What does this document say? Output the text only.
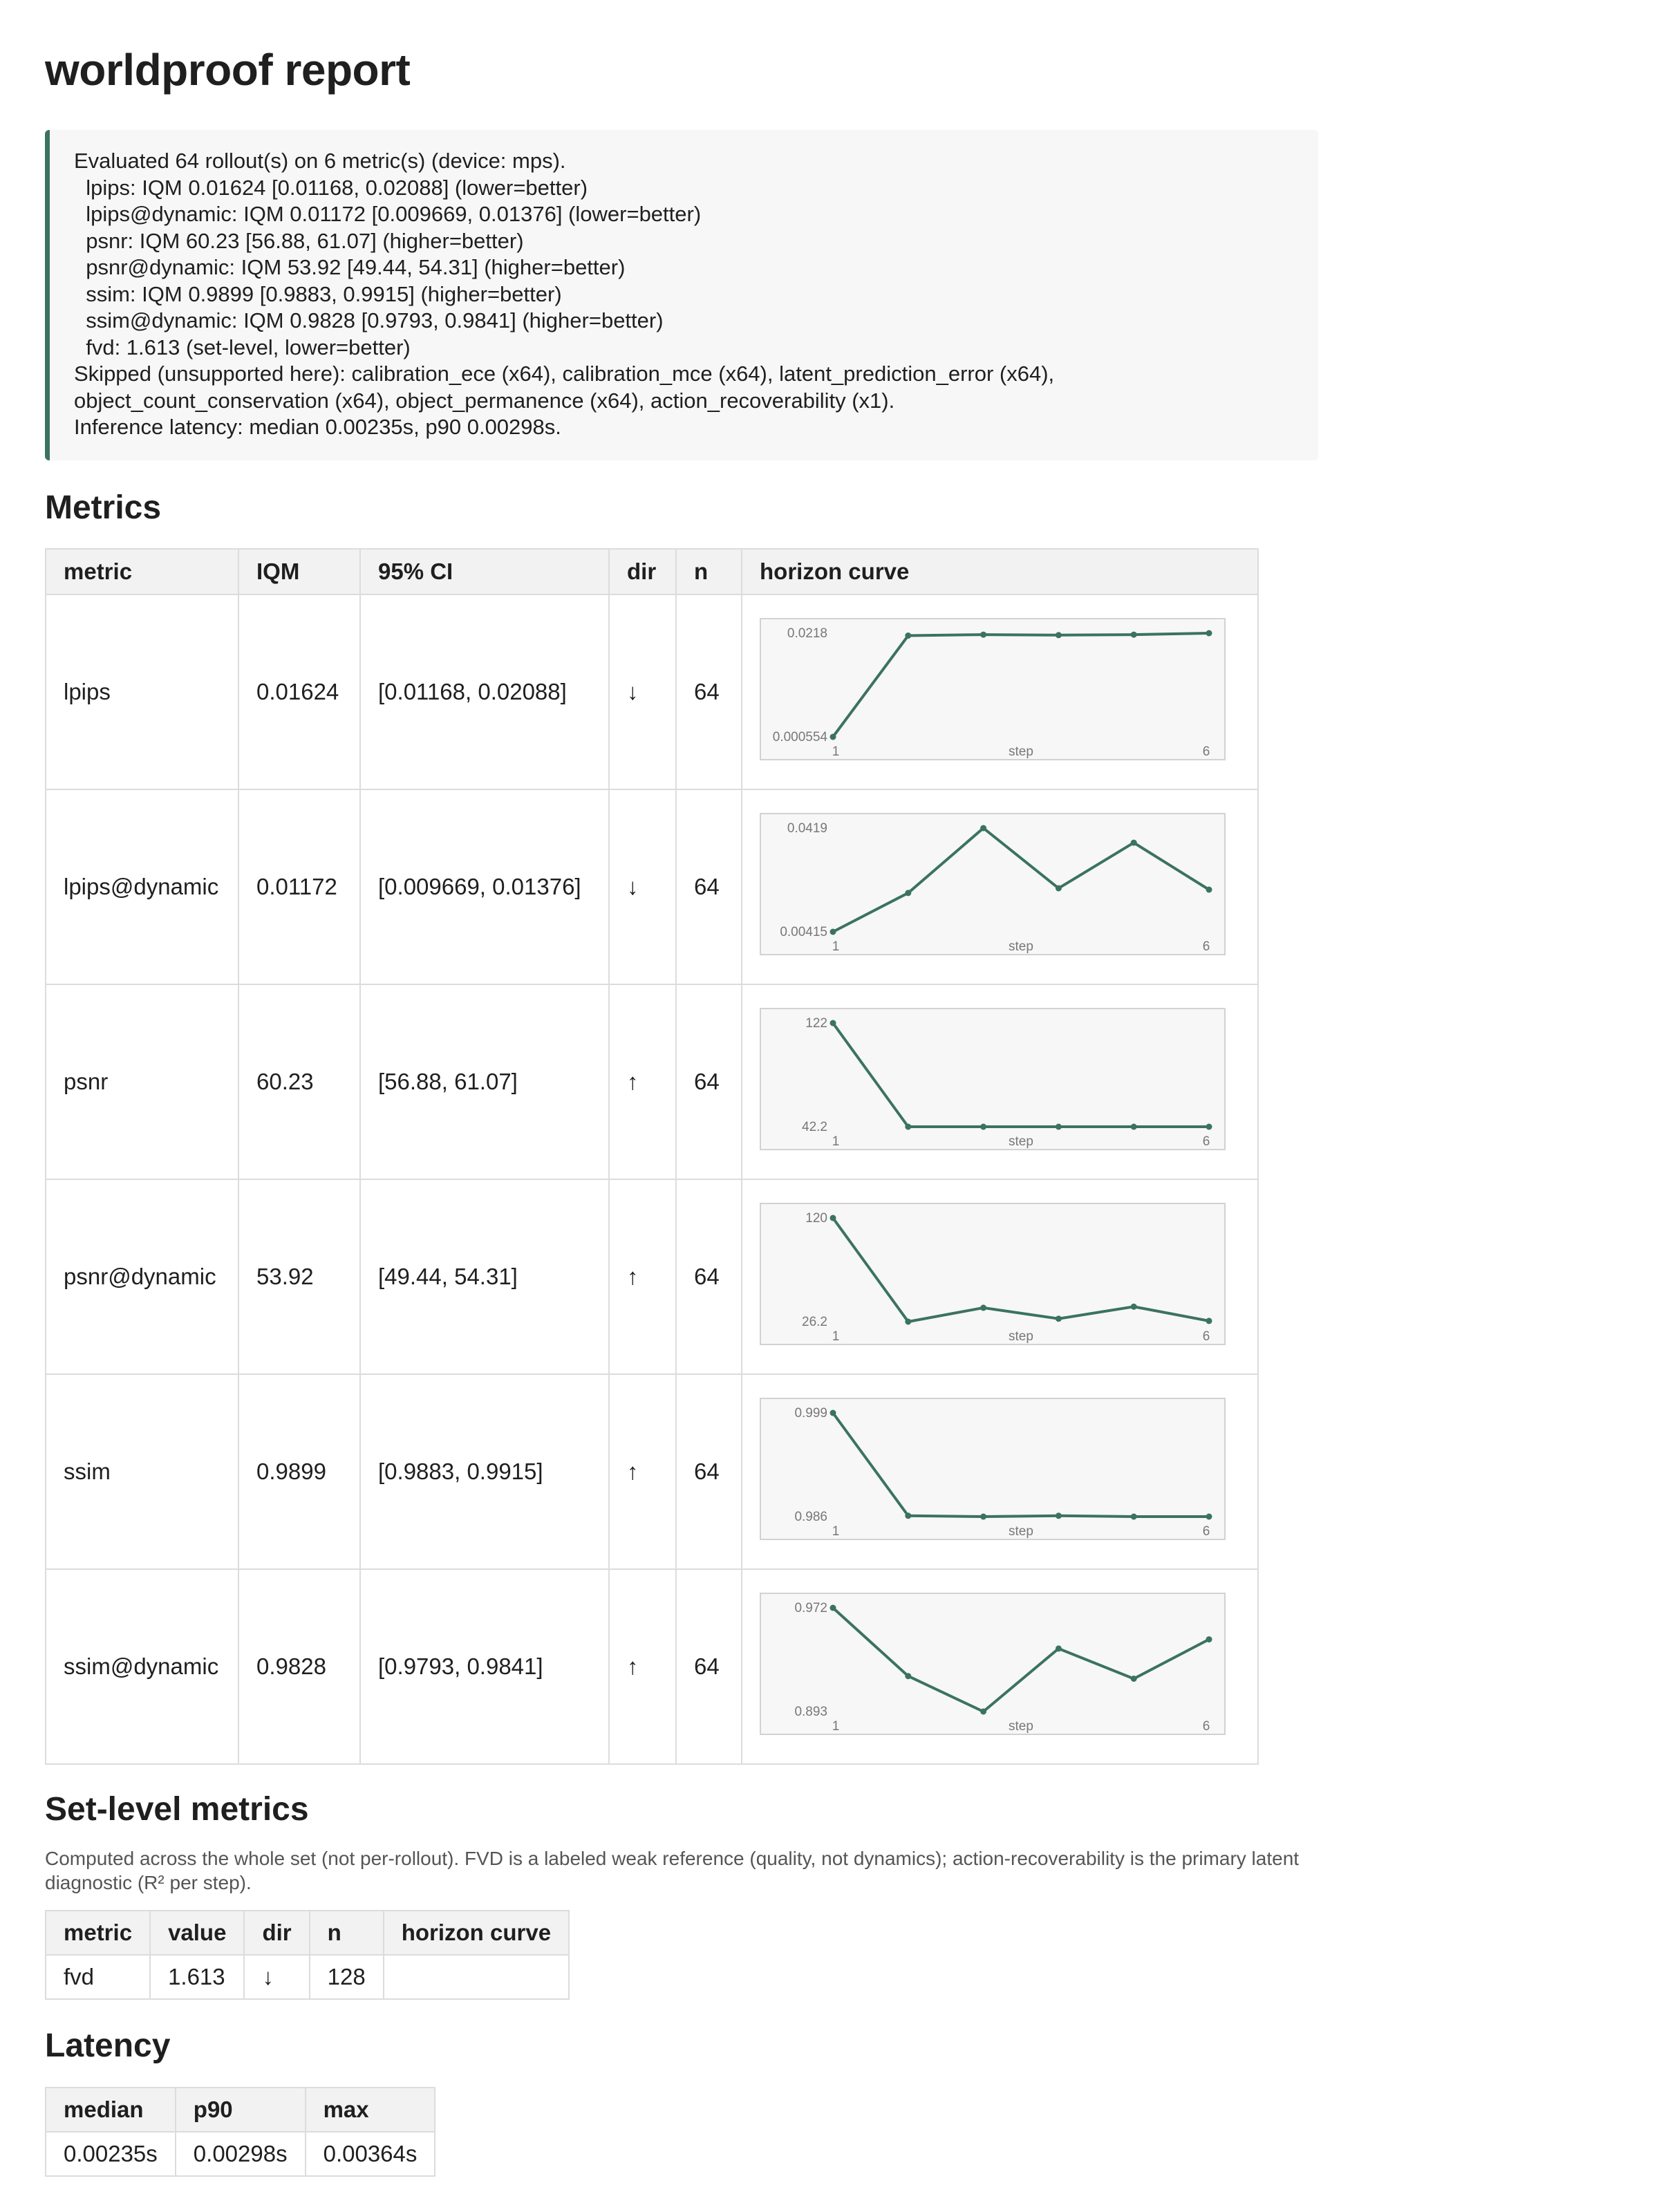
worldproof report
Evaluated 64 rollout(s) on 6 metric(s) (device: mps).
lpips: IQM 0.01624 [0.01168, 0.02088] (lower=better)
lpips@dynamic: IQM 0.01172 [0.009669, 0.01376] (lower=better)
psnr: IQM 60.23 [56.88, 61.07] (higher=better)
psnr@dynamic: IQM 53.92 [49.44, 54.31] (higher=better)
ssim: IQM 0.9899 [0.9883, 0.9915] (higher=better)
ssim@dynamic: IQM 0.9828 [0.9793, 0.9841] (higher=better)
fvd: 1.613 (set-level, lower=better)
Skipped (unsupported here): calibration_ece (x64), calibration_mce (x64), latent_prediction_error (x64),
object_count_conservation (x64), object_permanence (x64), action_recoverability (x1).
Inference latency: median 0.00235s, p90 0.00298s.
Metrics
metric	IQM	95% CI	dir	n	horizon curve
lpips	0.01624	[0.01168, 0.02088]	↓	64	0.0218
0.000554
1 step 6

lpips@dynamic	0.01172	[0.009669, 0.01376]	↓	64	0.0419
0.00415
1 step 6

psnr	60.23	[56.88, 61.07]	↑	64	122
42.2
1 step 6

psnr@dynamic	53.92	[49.44, 54.31]	↑	64	120
26.2
1 step 6

ssim	0.9899	[0.9883, 0.9915]	↑	64	0.999
0.986
1 step 6

ssim@dynamic	0.9828	[0.9793, 0.9841]	↑	64	0.972
0.893
1 step 6
Set-level metrics
Computed across the whole set (not per-rollout). FVD is a labeled weak reference (quality, not dynamics); action-recoverability is the primary latent diagnostic (R² per step).
metric	value	dir	n	horizon curve
fvd	1.613	↓	128	
Latency
median	p90	max
0.00235s	0.00298s	0.00364s
